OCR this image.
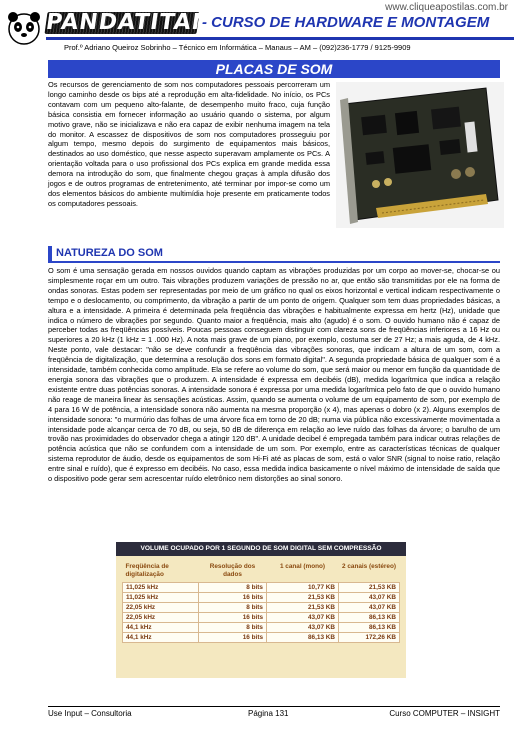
www.cliqueapostilas.com.br
PANDATITAN
- CURSO DE HARDWARE E MONTAGEM
Prof.º Adriano Queiroz Sobrinho – Técnico em Informática – Manaus – AM – (092)236-1779 / 9125-9909
PLACAS DE SOM
Os recursos de gerenciamento de som nos computadores pessoais percorreram um longo caminho desde os bips até a reprodução em alta-fidelidade. No início, os PCs contavam com um pequeno alto-falante, de desempenho muito fraco, cuja função básica consistia em fornecer informação ao usuário quando o sistema, por algum motivo grave, não se inicializava e não era capaz de exibir nenhuma imagem na tela do monitor. A escassez de dispositivos de som nos computadores prosseguiu por algum tempo, mesmo depois do surgimento de equipamentos mais básicos, destinados ao uso doméstico, que nesse aspecto superavam amplamente os PCs. A orientação voltada para o uso profissional dos PCs explica em grande medida essa demora na introdução do som, que finalmente chegou graças à ampla difusão dos jogos e de outros programas de entretenimento, até terminar por impor-se como um dos elementos básicos do ambiente multimídia hoje presente em praticamente todos os computadores pessoais.
NATUREZA DO SOM
O som é uma sensação gerada em nossos ouvidos quando captam as vibrações produzidas por um corpo ao mover-se, chocar-se ou simplesmente roçar em um outro. Tais vibrações produzem variações de pressão no ar, que então são transmitidas por ele na forma de ondas sonoras. Estas podem ser representadas por meio de um gráfico no qual os eixos horizontal e vertical indicam respectivamente o tempo e o deslocamento, ou comprimento, da vibração a partir de um ponto de origem. Qualquer som tem duas propriedades básicas, a altura e a intensidade. A primeira é determinada pela freqüência das vibrações e habitualmente expressa em hertz (Hz), unidade que indica o número de vibrações por segundo. Quanto maior a freqüência, mais alto (agudo) é o som. O ouvido humano não é capaz de perceber todas as freqüências possíveis. Poucas pessoas conseguem distinguir com clareza sons de freqüências inferiores a 16 Hz ou superiores a 20 kHz (1 kHz = 1 .000 Hz). A nota mais grave de um piano, por exemplo, costuma ser de 27 Hz; a mais aguda, de 4 kHz. Neste ponto, vale destacar: "não se deve confundir a freqüência das vibrações sonoras, que indicam a altura de um som, com a freqüência de digitalização, que determina a resolução dos sons em formato digital". A segunda propriedade básica de qualquer som é a intensidade, também conhecida como amplitude. Ela se refere ao volume do som, que será maior ou menor em função da quantidade de energia sonora das vibrações que o produzem. A intensidade é expressa em decibéis (dB), medida logarítmica que indica a relação existente entre duas potências sonoras. A intensidade sonora é expressa por uma medida logarítmica pelo fato de que o ouvido humano não reage de maneira linear às sensações acústicas. Assim, quando se aumenta o volume de um equipamento de som, por exemplo de 4 para 16 W de potência, a intensidade sonora não aumenta na mesma proporção (x 4), mas apenas o dobro (x 2). Alguns exemplos de intensidade sonora: "o murmúrio das folhas de uma árvore fica em torno de 20 dB; numa via pública não excessivamente movimentada a intensidade pode alcançar cerca de 70 dB, ou seja, 50 dB de diferença em relação ao leve ruído das folhas da árvore; o barulho de um trovão nas proximidades do observador chega a atingir 120 dB". A unidade decibel é empregada também para indicar outras relações de potência acústica que não se confundem com a intensidade de um som. Por exemplo, entre as características técnicas de qualquer sistema reprodutor de áudio, desde os equipamentos de som Hi-Fi até as placas de som, está o valor SNR (signal to noise ratio, relação entre sinal e ruído), que é expresso em decibéis. No caso, essa medida indica basicamente o nível máximo de intensidade de saída que o dispositivo pode gerar sem acrescentar ruído eletrônico nem distorções ao sinal sonoro.
VOLUME OCUPADO POR 1 SEGUNDO DE SOM DIGITAL SEM COMPRESSÃO
Freqüência de digitalização	Resolução dos dados	1 canal (mono)	2 canais (estéreo)
11,025 kHz	8 bits	10,77 KB	21,53 KB
11,025 kHz	16 bits	21,53 KB	43,07 KB
22,05 kHz	8 bits	21,53 KB	43,07 KB
22,05 kHz	16 bits	43,07 KB	86,13 KB
44,1 kHz	8 bits	43,07 KB	86,13 KB
44,1 kHz	16 bits	86,13 KB	172,26 KB
Use Input – Consultoria	Página 131	Curso COMPUTER – INSIGHT
